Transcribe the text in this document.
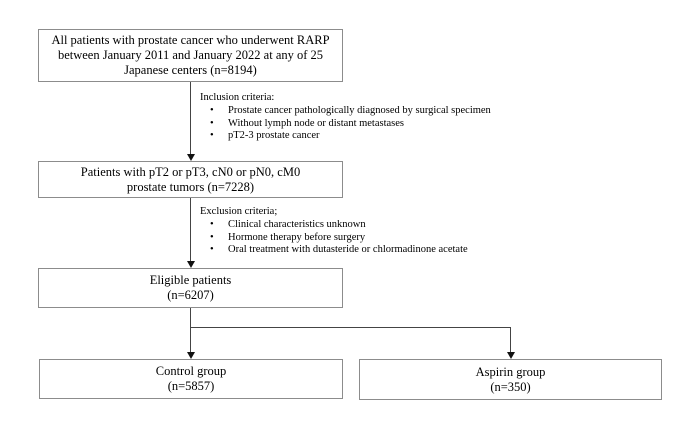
All patients with prostate cancer who underwent RARP
between January 2011 and January 2022 at any of 25
Japanese centers (n=8194)
Inclusion criteria:
•	Prostate cancer pathologically diagnosed by surgical specimen
•	Without lymph node or distant metastases
•	pT2-3 prostate cancer
Patients with pT2 or pT3, cN0 or pN0, cM0
prostate tumors (n=7228)
Exclusion criteria;
•	Clinical characteristics unknown
•	Hormone therapy before surgery
•	Oral treatment with dutasteride or chlormadinone acetate
Eligible patients
(n=6207)
Control group
(n=5857)
Aspirin group
(n=350)
